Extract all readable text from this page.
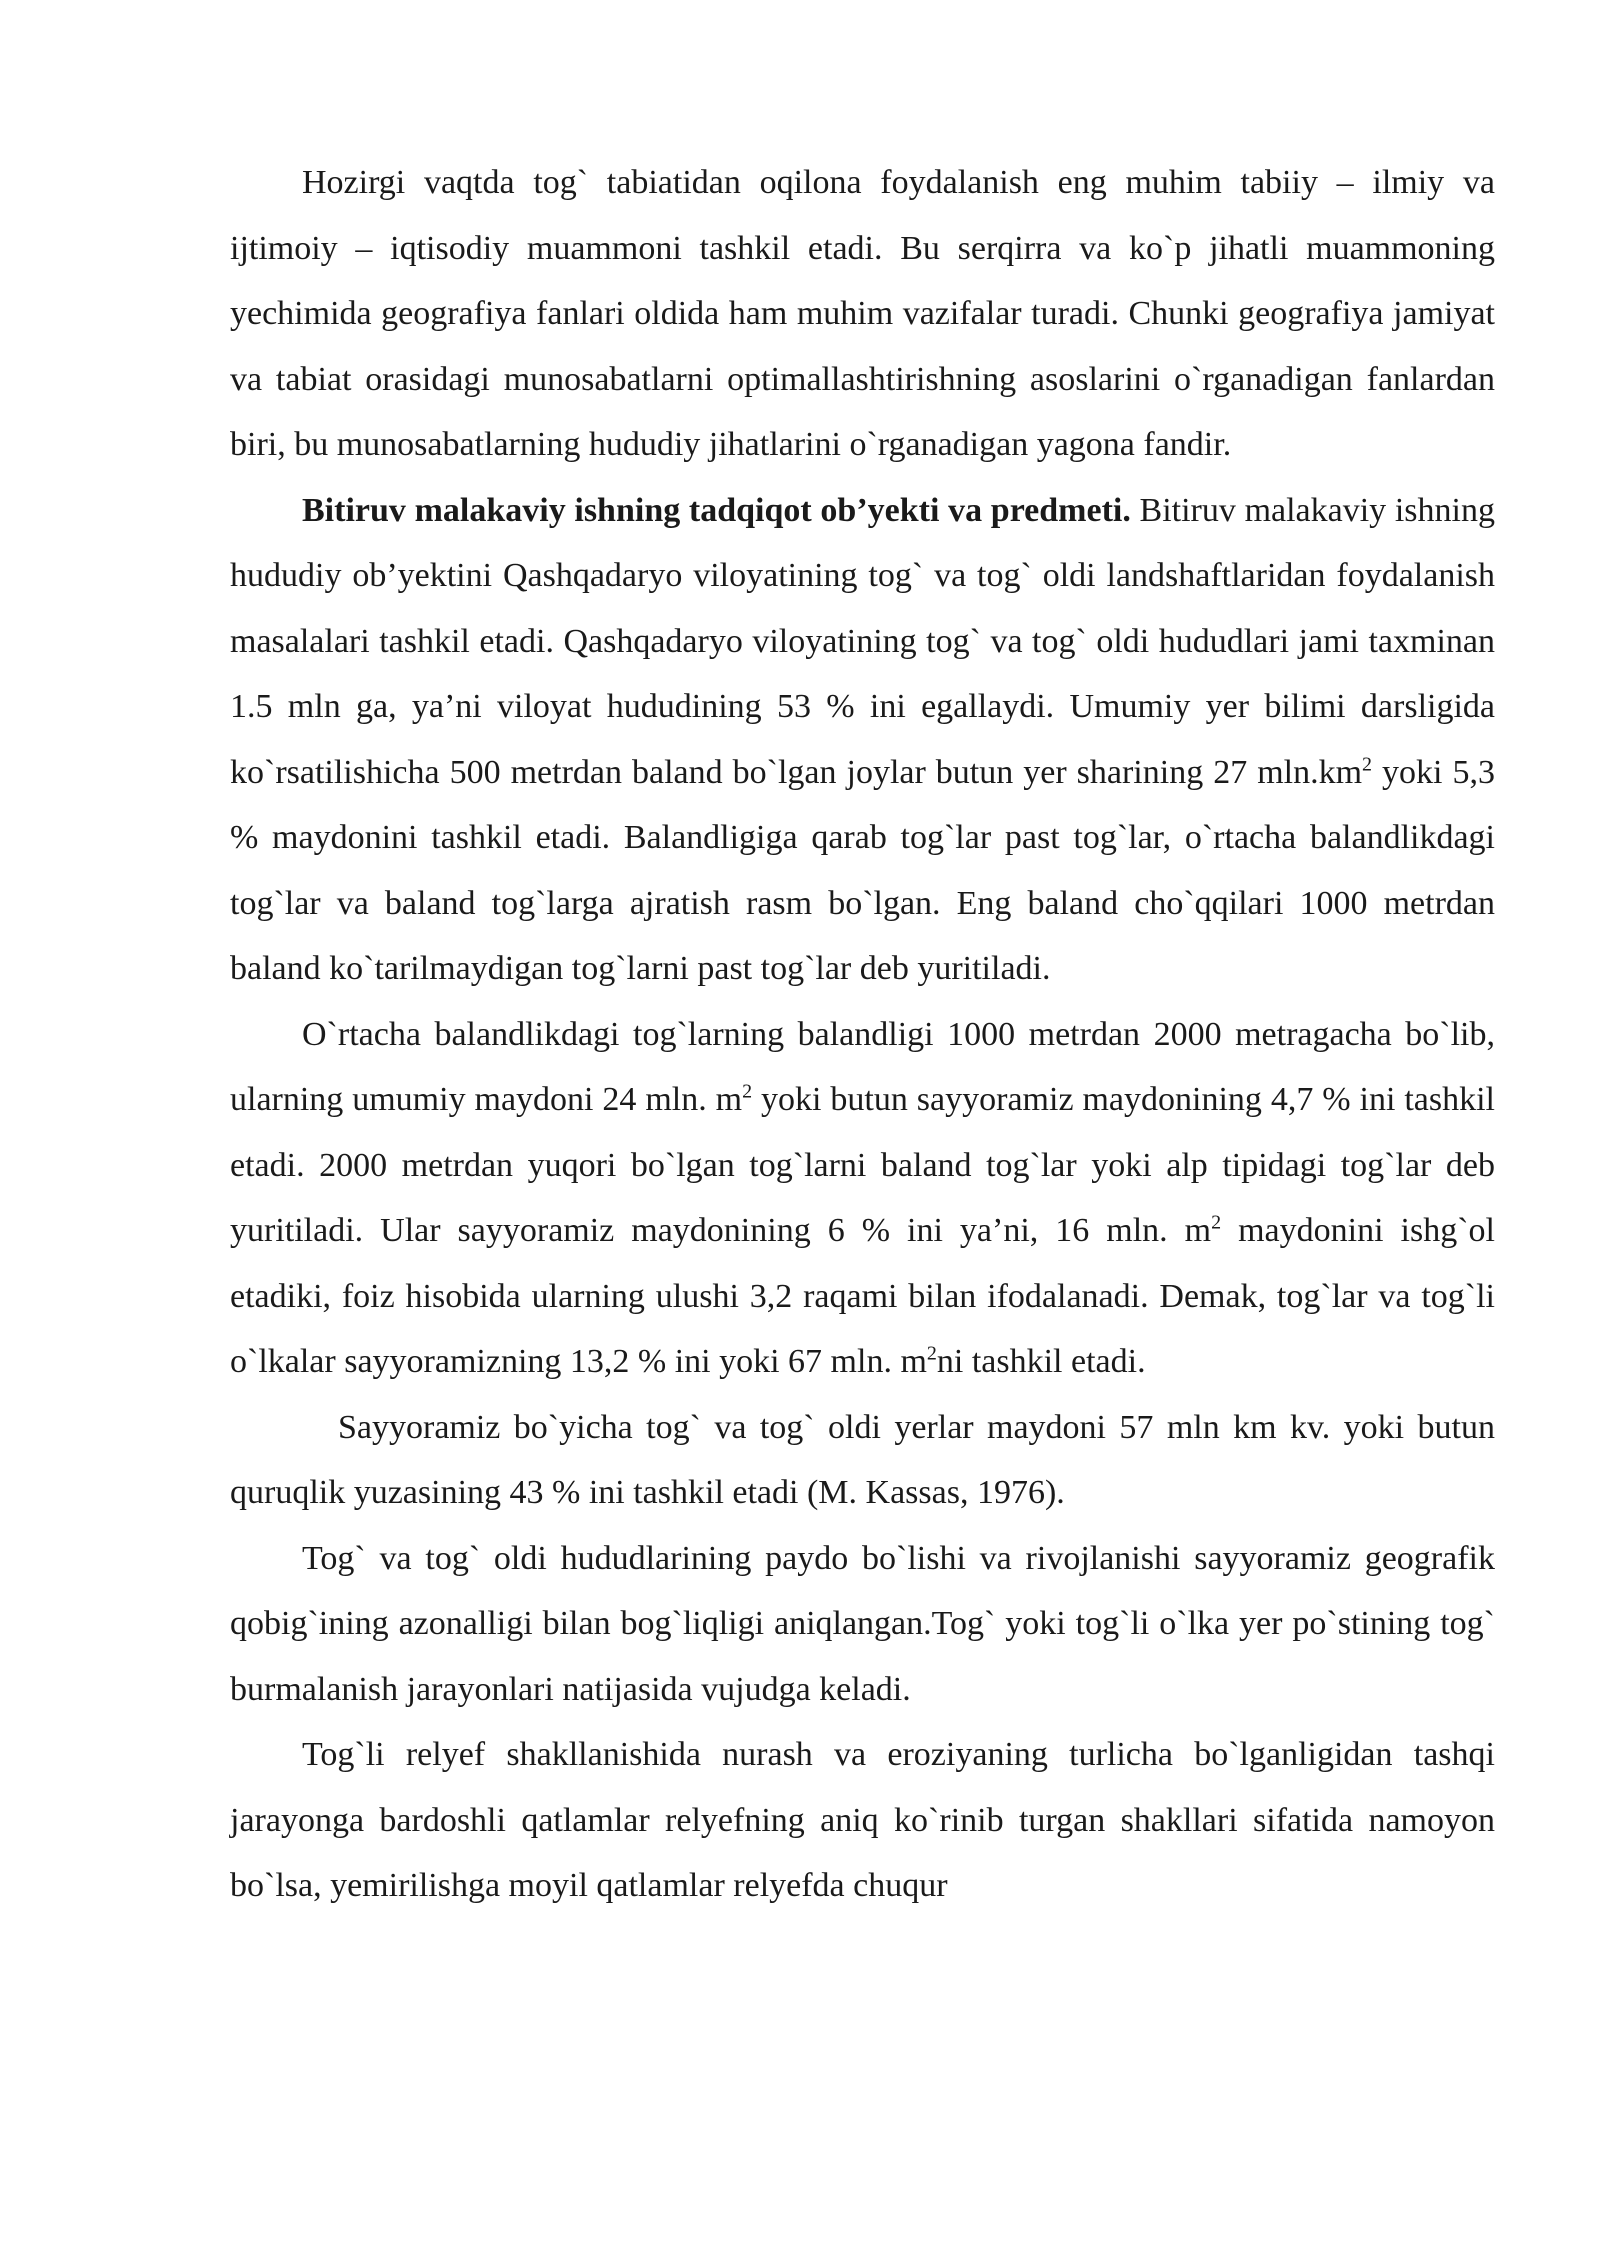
Hozirgi vaqtda tog` tabiatidan oqilona foydalanish eng muhim tabiiy – ilmiy va ijtimoiy – iqtisodiy muammoni tashkil etadi. Bu serqirra va ko`p jihatli muammoning yechimida geografiya fanlari oldida ham muhim vazifalar turadi. Chunki geografiya jamiyat va tabiat orasidagi munosabatlarni optimallashtirishning asoslarini o`rganadigan fanlardan biri, bu munosabatlarning hududiy jihatlarini o`rganadigan yagona fandir.

Bitiruv malakaviy ishning tadqiqot ob’yekti va predmeti. Bitiruv malakaviy ishning hududiy ob’yektini Qashqadaryo viloyatining tog` va tog` oldi landshaftlaridan foydalanish masalalari tashkil etadi. Qashqadaryo viloyatining tog` va tog` oldi hududlari jami taxminan 1.5 mln ga, ya’ni viloyat hududining 53 % ini egallaydi. Umumiy yer bilimi darsligida ko`rsatilishicha 500 metrdan baland bo`lgan joylar butun yer sharining 27 $mln.km^2$ yoki 5,3 % maydonini tashkil etadi. Balandligiga qarab tog`lar past tog`lar, o`rtacha balandlikdagi tog`lar va baland tog`larga ajratish rasm bo`lgan. Eng baland cho`qqilari 1000 metrdan baland ko`tarilmaydigan tog`larni past tog`lar deb yuritiladi.

O`rtacha balandlikdagi tog`larning balandligi 1000 metrdan 2000 metragacha bo`lib, ularning umumiy maydoni 24 mln. $m^2$ yoki butun sayyoramiz maydonining 4,7 % ini tashkil etadi. 2000 metrdan yuqori bo`lgan tog`larni baland tog`lar yoki alp tipidagi tog`lar deb yuritiladi. Ular sayyoramiz maydonining 6 % ini ya’ni, 16 mln. $m^2$ maydonini ishg`ol etadiki, foiz hisobida ularning ulushi 3,2 raqami bilan ifodalanadi. Demak, tog`lar va tog`li o`lkalar sayyoramizning 13,2 % ini yoki 67 mln. $m^2ni$ tashkil etadi.

Sayyoramiz bo`yicha tog` va tog` oldi yerlar maydoni 57 mln km kv. yoki butun quruqlik yuzasining 43 % ini tashkil etadi (M. Kassas, 1976).

Tog` va tog` oldi hududlarining paydo bo`lishi va rivojlanishi sayyoramiz geografik qobig`ining azonalligi bilan bog`liqligi aniqlangan.Tog` yoki tog`li o`lka yer po`stining tog` burmalanish jarayonlari natijasida vujudga keladi.

Tog`li relyef shakllanishida nurash va eroziyaning turlicha bo`lganligidan tashqi jarayonga bardoshli qatlamlar relyefning aniq ko`rinib turgan shakllari sifatida namoyon bo`lsa, yemirilishga moyil qatlamlar relyefda chuqur
